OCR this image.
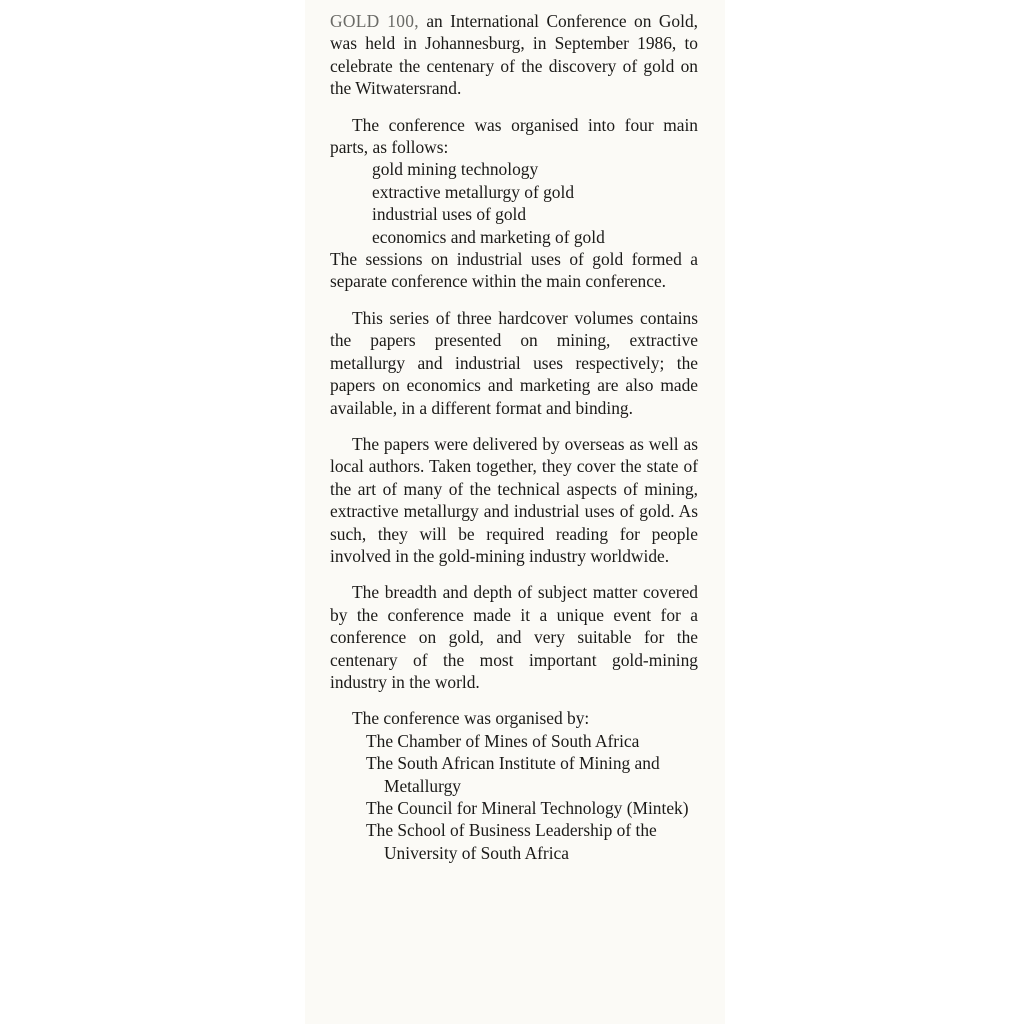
GOLD 100, an International Conference on Gold, was held in Johannesburg, in September 1986, to celebrate the centenary of the discovery of gold on the Witwatersrand.

The conference was organised into four main parts, as follows:

gold mining technology
extractive metallurgy of gold
industrial uses of gold
economics and marketing of gold

The sessions on industrial uses of gold formed a separate conference within the main conference.

This series of three hardcover volumes contains the papers presented on mining, extractive metallurgy and industrial uses respectively; the papers on economics and marketing are also made available, in a different format and binding.

The papers were delivered by overseas as well as local authors. Taken together, they cover the state of the art of many of the technical aspects of mining, extractive metallurgy and industrial uses of gold. As such, they will be required reading for people involved in the gold-mining industry worldwide.

The breadth and depth of subject matter covered by the conference made it a unique event for a conference on gold, and very suitable for the centenary of the most important gold-mining industry in the world.

The conference was organised by:

The Chamber of Mines of South Africa
The South African Institute of Mining and Metallurgy
The Council for Mineral Technology (Mintek)
The School of Business Leadership of the University of South Africa
